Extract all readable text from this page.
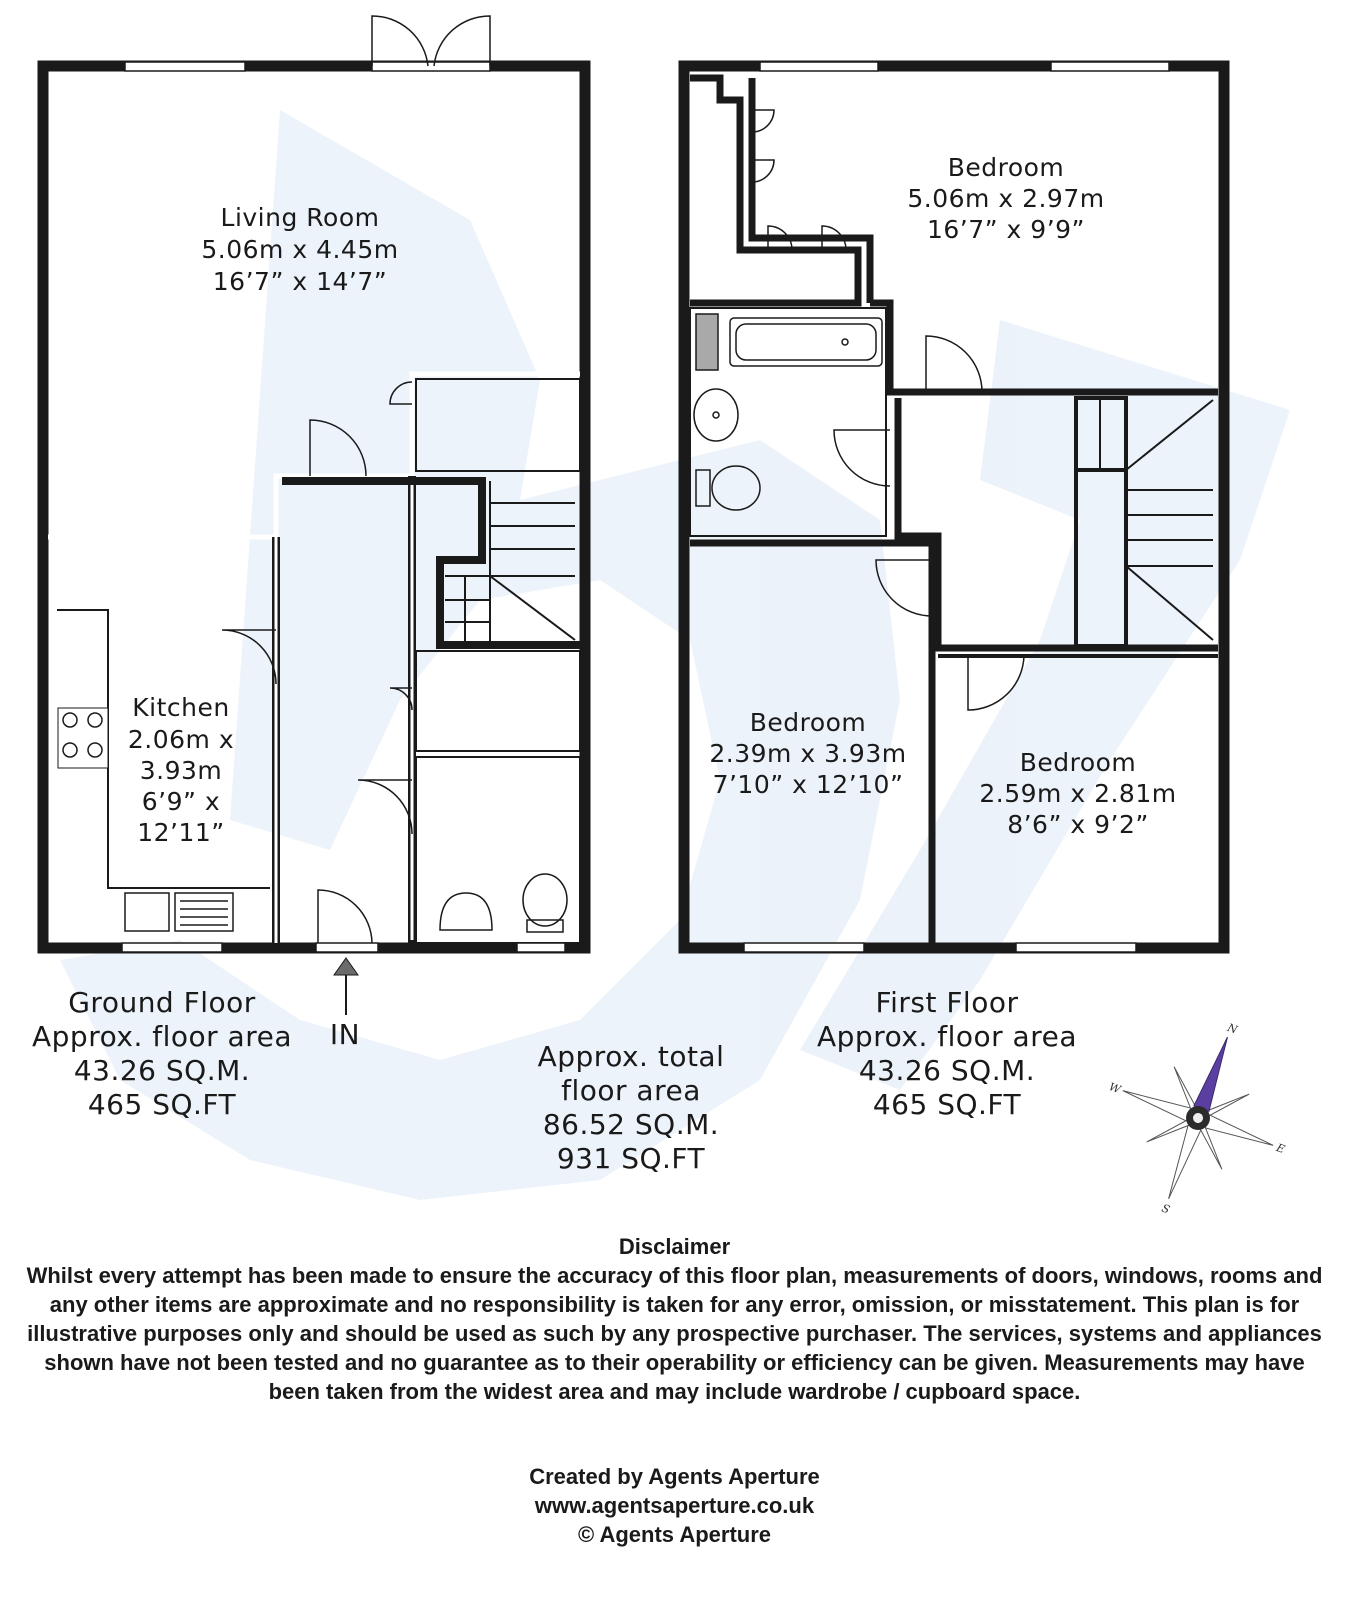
Living Room
5.06m x 4.45m
16’7” x 14’7”
Kitchen
2.06m x
3.93m
6’9” x
12’11”
IN
Ground Floor
Approx. floor area
43.26 SQ.M.
465 SQ.FT
Bedroom
5.06m x 2.97m
16’7” x 9’9”
Bedroom
2.39m x 3.93m
7’10” x 12’10”
Bedroom
2.59m x 2.81m
8’6” x 9’2”
First Floor
Approx. floor area
43.26 SQ.M.
465 SQ.FT
Approx. total
floor area
86.52 SQ.M.
931 SQ.FT
N
S
E
W
Disclaimer
Whilst every attempt has been made to ensure the accuracy of this floor plan, measurements of doors, windows, rooms and any other items are approximate and no responsibility is taken for any error, omission, or misstatement. This plan is for illustrative purposes only and should be used as such by any prospective purchaser. The services, systems and appliances shown have not been tested and no guarantee as to their operability or efficiency can be given. Measurements may have been taken from the widest area and may include wardrobe / cupboard space.
Created by Agents Aperture
www.agentsaperture.co.uk
© Agents Aperture
